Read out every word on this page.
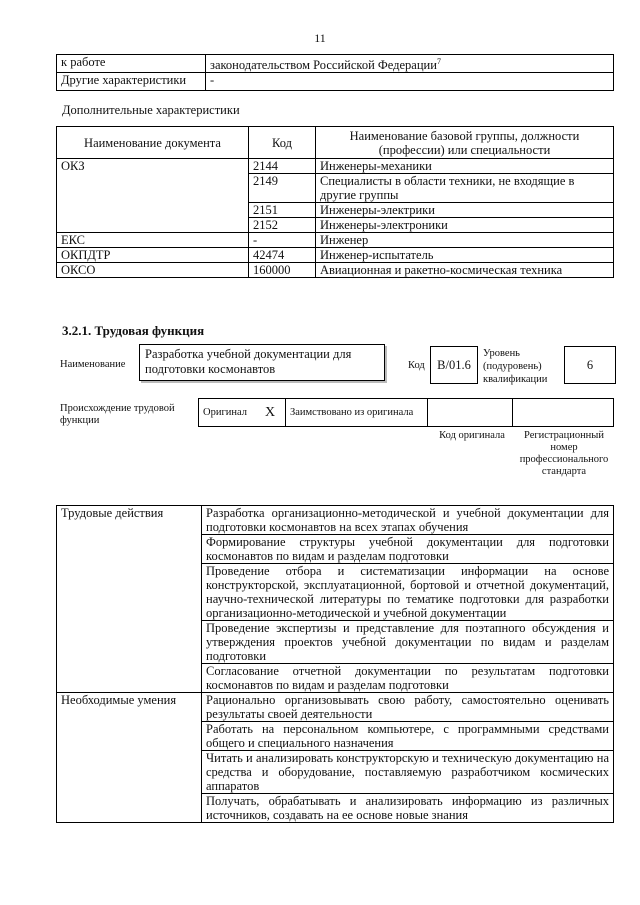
11
к работе	законодательством Российской Федерации$^7$
Другие характеристики	-
Дополнительные характеристики
Наименование документа	Код	Наименование базовой группы, должности (профессии) или специальности
ОКЗ	2144	Инженеры-механики
	2149	Специалисты в области техники, не входящие в другие группы
	2151	Инженеры-электрики
	2152	Инженеры-электроники
ЕКС	-	Инженер
ОКПДТР	42474	Инженер-испытатель
ОКСО	160000	Авиационная и ракетно-космическая техника
3.2.1. Трудовая функция
Наименование
Разработка учебной документации для подготовки космонавтов	Код B/01.6
Уровень (подуровень) квалификации
6
Происхождение трудовой функции
Оригинал	X	Заимствовано из оригинала		
Код оригинала	Регистрационный номер профессионального стандарта
Трудовые действия	Разработка организационно-методической и учебной документации для подготовки космонавтов на всех этапах обучения
	Формирование структуры учебной документации для подготовки космонавтов по видам и разделам подготовки
	Проведение отбора и систематизации информации на основе конструкторской, эксплуатационной, бортовой и отчетной документаций, научно-технической литературы по тематике подготовки для разработки организационно-методической и учебной документации
	Проведение экспертизы и представление для поэтапного обсуждения и утверждения проектов учебной документации по видам и разделам подготовки
	Согласование отчетной документации по результатам подготовки космонавтов по видам и разделам подготовки
Необходимые умения	Рационально организовывать свою работу, самостоятельно оценивать результаты своей деятельности
	Работать на персональном компьютере, с программными средствами общего и специального назначения
	Читать и анализировать конструкторскую и техническую документацию на средства и оборудование, поставляемую разработчиком космических аппаратов
	Получать, обрабатывать и анализировать информацию из различных источников, создавать на ее основе новые знания
